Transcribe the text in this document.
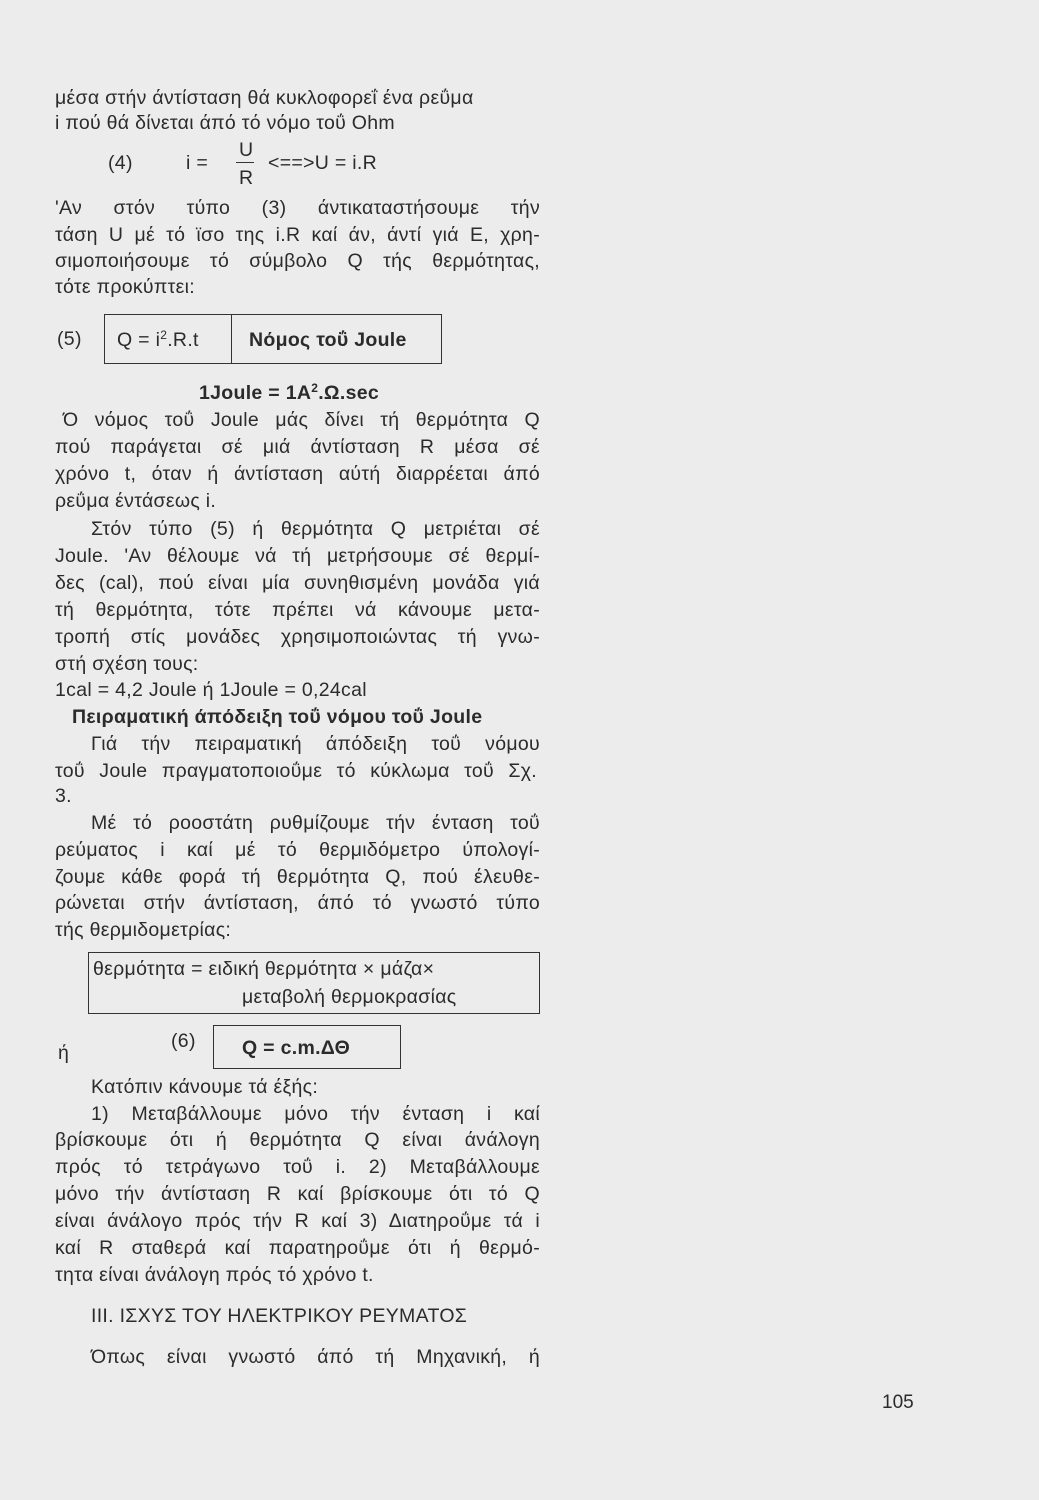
μέσα στήν άντίσταση θά κυκλοφορεΐ ένα ρεΰμα
i πού θά δίνεται άπό τό νόμο τοΰ Ohm
(4)	i =
U
R
<==>U = i.R
'Αν στόν τύπο (3) άντικαταστήσουμε τήν
τάση U μέ τό ϊσο της i.R καί άν, άντί γιά Ε, χρη-
σιμοποιήσουμε τό σύμβολο Q τής θερμότητας,
τότε προκύπτει:
(5) $Q = i^2.R.t$	Νόμος τοΰ Joule
1Joule = $1A^2.\Omega.\sec$
Ό νόμος τοΰ Joule μάς δίνει τή θερμότητα Q
πού παράγεται σέ μιά άντίσταση R μέσα σέ
χρόνο t, όταν ή άντίσταση αύτή διαρρέεται άπό
ρεΰμα έντάσεως i.
Στόν τύπο (5) ή θερμότητα Q μετριέται σέ
Joule. 'Αν θέλουμε νά τή μετρήσουμε σέ θερμί-
δες (cal), πού είναι μία συνηθισμένη μονάδα γιά
τή θερμότητα, τότε πρέπει νά κάνουμε μετα-
τροπή στίς μονάδες χρησιμοποιώντας τή γνω-
στή σχέση τους:
1cal = 4,2 Joule ή 1Joule = 0,24cal
Πειραματική άπόδειξη τοΰ νόμου τοΰ Joule
Γιά τήν πειραματική άπόδειξη τοΰ νόμου
τοΰ Joule πραγματοποιοΰμε τό κύκλωμα τοΰ Σχ.
3.
Μέ τό ροοστάτη ρυθμίζουμε τήν ένταση τοΰ
ρεύματος i καί μέ τό θερμιδόμετρο ύπολογί-
ζουμε κάθε φορά τή θερμότητα Q, πού έλευθε-
ρώνεται στήν άντίσταση, άπό τό γνωστό τύπο
τής θερμιδομετρίας:
θερμότητα = ειδική θερμότητα × μάζα×
μεταβολή θερμοκρασίας
ή
(6) Q = c.m.ΔΘ
Κατόπιν κάνουμε τά έξής:
1) Μεταβάλλουμε μόνο τήν ένταση i καί
βρίσκουμε ότι ή θερμότητα Q είναι άνάλογη
πρός τό τετράγωνο τοΰ i. 2) Μεταβάλλουμε
μόνο τήν άντίσταση R καί βρίσκουμε ότι τό Q
είναι άνάλογο πρός τήν R καί 3) Διατηροΰμε τά i
καί R σταθερά καί παρατηροΰμε ότι ή θερμό-
τητα είναι άνάλογη πρός τό χρόνο t.
III. ΙΣΧΥΣ ΤΟΥ ΗΛΕΚΤΡΙΚΟΥ ΡΕΥΜΑΤΟΣ
Όπως είναι γνωστό άπό τή Μηχανική, ή
105
